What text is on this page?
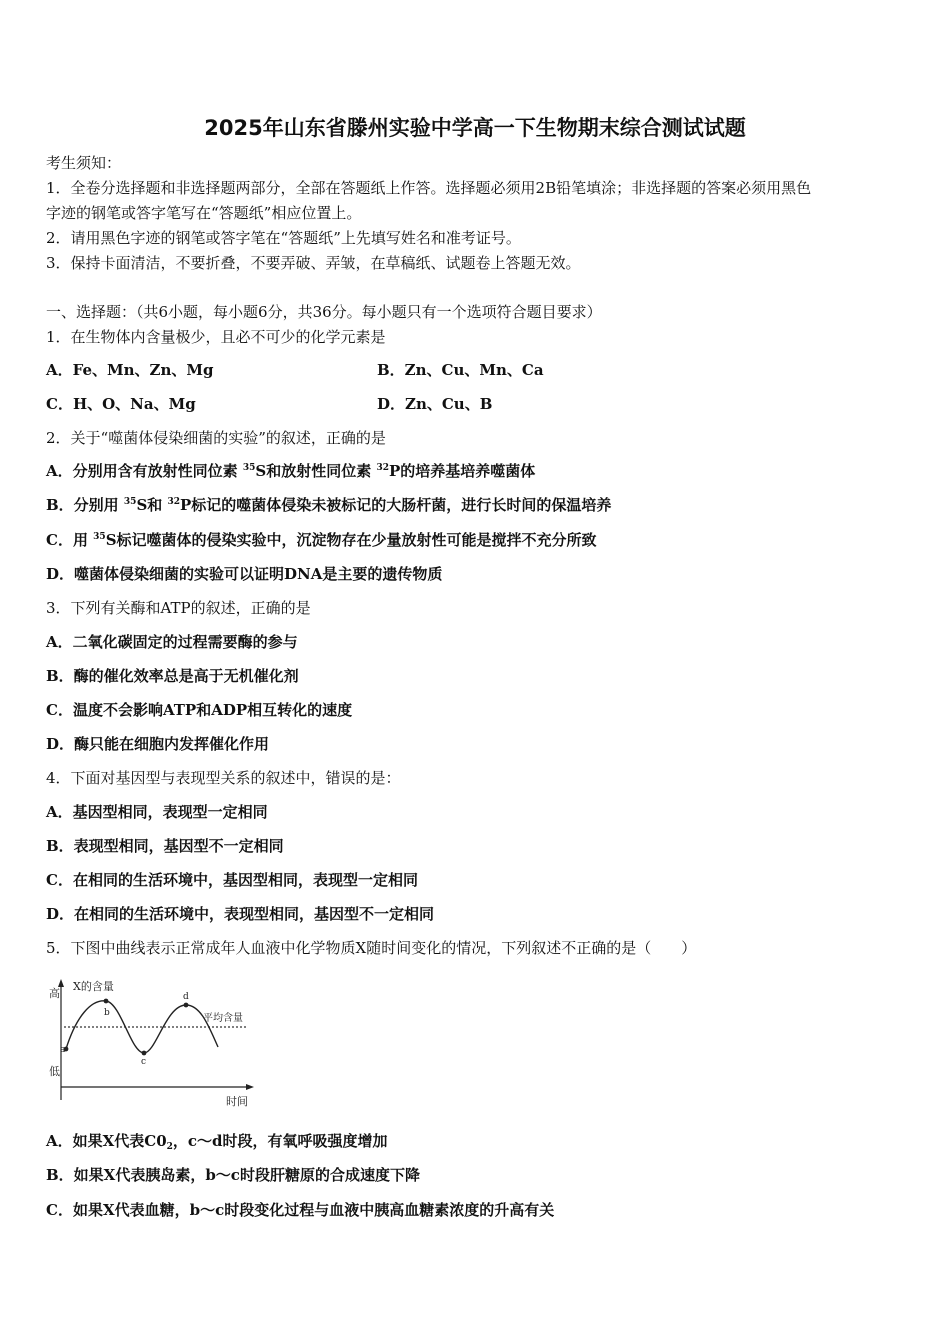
2025年山东省滕州实验中学高一下生物期末综合测试试题
考生须知：
1．全卷分选择题和非选择题两部分，全部在答题纸上作答。选择题必须用2B铅笔填涂；非选择题的答案必须用黑色
字迹的钢笔或答字笔写在“答题纸”相应位置上。
2．请用黑色字迹的钢笔或答字笔在“答题纸”上先填写姓名和准考证号。
3．保持卡面清洁，不要折叠，不要弄破、弄皱，在草稿纸、试题卷上答题无效。
一、选择题：（共6小题，每小题6分，共36分。每小题只有一个选项符合题目要求）
1．在生物体内含量极少，且必不可少的化学元素是
A．Fe、Mn、Zn、Mg	B．Zn、Cu、Mn、Ca
C．H、O、Na、Mg	D．Zn、Cu、B
2．关于“噬菌体侵染细菌的实验”的叙述，正确的是
A．分别用含有放射性同位素 $^{35}$S和放射性同位素 $^{32}$P的培养基培养噬菌体
B．分别用 $^{35}$S和 $^{32}$P标记的噬菌体侵染未被标记的大肠杆菌，进行长时间的保温培养
C．用 $^{35}$S标记噬菌体的侵染实验中，沉淀物存在少量放射性可能是搅拌不充分所致
D．噬菌体侵染细菌的实验可以证明DNA是主要的遗传物质
3．下列有关酶和ATP的叙述，正确的是
A．二氧化碳固定的过程需要酶的参与
B．酶的催化效率总是高于无机催化剂
C．温度不会影响ATP和ADP相互转化的速度
D．酶只能在细胞内发挥催化作用
4．下面对基因型与表现型关系的叙述中，错误的是：
A．基因型相同，表现型一定相同
B．表现型相同，基因型不一定相同
C．在相同的生活环境中，基因型相同，表现型一定相同
D．在相同的生活环境中，表现型相同，基因型不一定相同
5．下图中曲线表示正常成年人血液中化学物质X随时间变化的情况，下列叙述不正确的是（　　）
X的含量
高
低
时间
平均含量
a
b
c
d
A．如果X代表$C0_2$，c～d时段，有氧呼吸强度增加
B．如果X代表胰岛素，b～c时段肝糖原的合成速度下降
C．如果X代表血糖，b～c时段变化过程与血液中胰高血糖素浓度的升高有关
